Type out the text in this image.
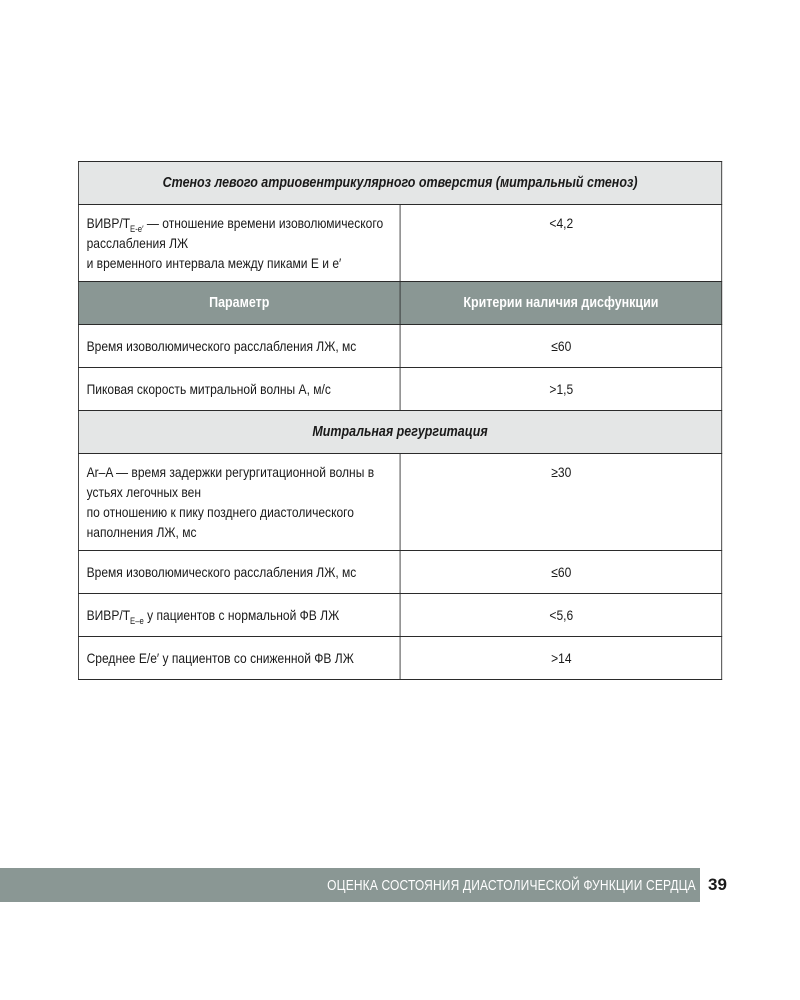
Стеноз левого атриовентрикулярного отверстия (митральный стеноз)	
ВИВР/$T_{E-e'}$ — отношение времени изоволюмического расслабления ЛЖ
и временного интервала между пиками E и e′	<4,2
Параметр	Критерии наличия дисфункции
Время изоволюмического расслабления ЛЖ, мс	≤60
Пиковая скорость митральной волны А, м/с	>1,5
Митральная регургитация	
Ar–A — время задержки регургитационной волны в устьях легочных вен
по отношению к пику позднего диастолического наполнения ЛЖ, мс	≥30
Время изоволюмического расслабления ЛЖ, мс	≤60
ВИВР/$T_{E-e}$ у пациентов с нормальной ФВ ЛЖ	<5,6
Среднее E/e′ у пациентов со сниженной ФВ ЛЖ	>14
ОЦЕНКА СОСТОЯНИЯ ДИАСТОЛИЧЕСКОЙ ФУНКЦИИ СЕРДЦА 39
